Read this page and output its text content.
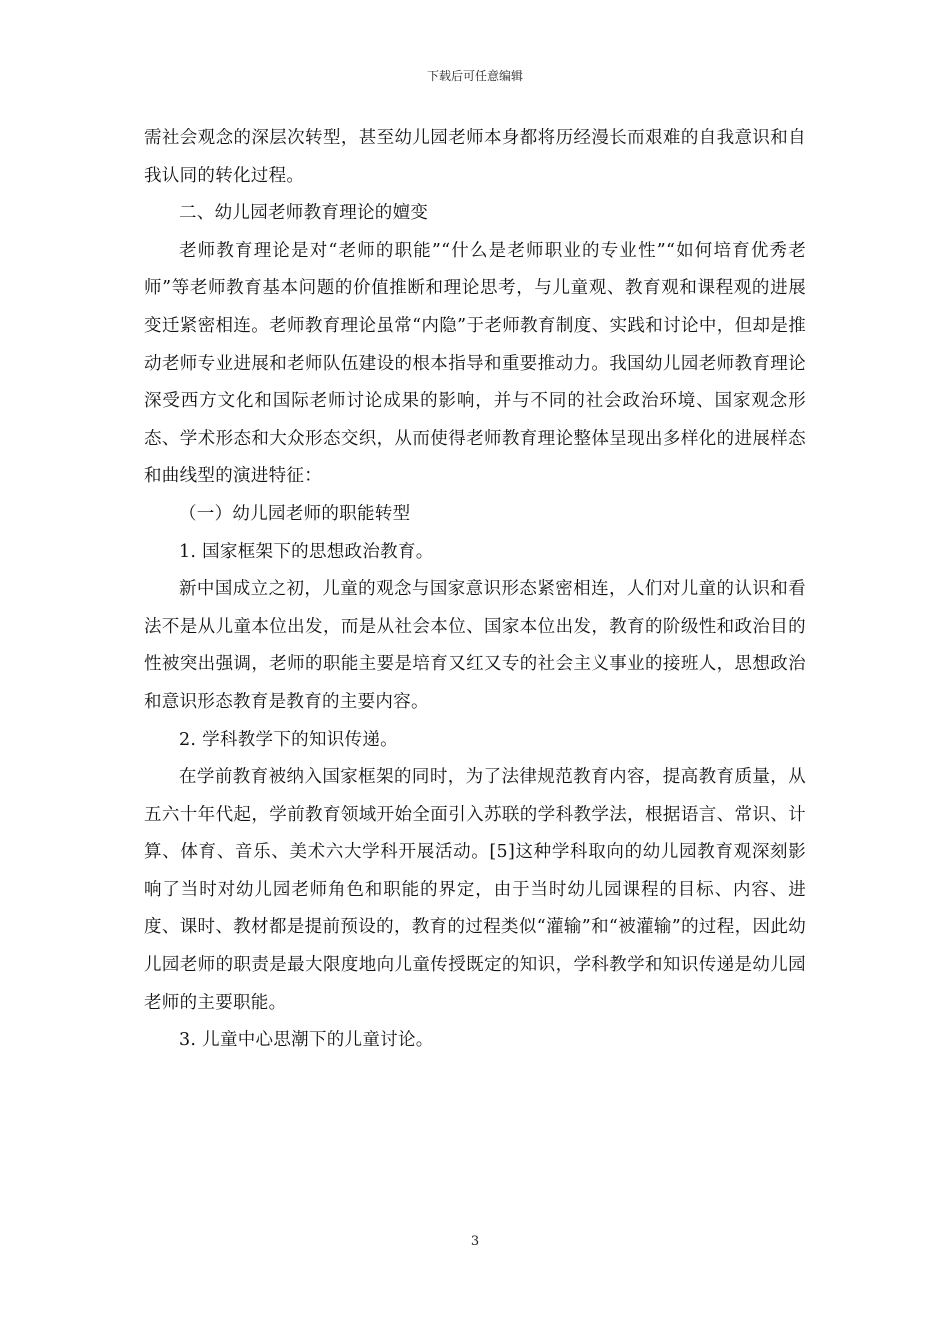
下载后可任意编辑

需社会观念的深层次转型，甚至幼儿园老师本身都将历经漫长而艰难的自我意识和自我认同的转化过程。

二、幼儿园老师教育理论的嬗变

老师教育理论是对“老师的职能”“什么是老师职业的专业性”“如何培育优秀老师”等老师教育基本问题的价值推断和理论思考，与儿童观、教育观和课程观的进展变迁紧密相连。老师教育理论虽常“内隐”于老师教育制度、实践和讨论中，但却是推动老师专业进展和老师队伍建设的根本指导和重要推动力。我国幼儿园老师教育理论深受西方文化和国际老师讨论成果的影响，并与不同的社会政治环境、国家观念形态、学术形态和大众形态交织，从而使得老师教育理论整体呈现出多样化的进展样态和曲线型的演进特征：

（一）幼儿园老师的职能转型

1. 国家框架下的思想政治教育。

新中国成立之初，儿童的观念与国家意识形态紧密相连，人们对儿童的认识和看法不是从儿童本位出发，而是从社会本位、国家本位出发，教育的阶级性和政治目的性被突出强调，老师的职能主要是培育又红又专的社会主义事业的接班人，思想政治和意识形态教育是教育的主要内容。

2. 学科教学下的知识传递。

在学前教育被纳入国家框架的同时，为了法律规范教育内容，提高教育质量，从五六十年代起，学前教育领域开始全面引入苏联的学科教学法，根据语言、常识、计算、体育、音乐、美术六大学科开展活动。[5]这种学科取向的幼儿园教育观深刻影响了当时对幼儿园老师角色和职能的界定，由于当时幼儿园课程的目标、内容、进度、课时、教材都是提前预设的，教育的过程类似“灌输”和“被灌输”的过程，因此幼儿园老师的职责是最大限度地向儿童传授既定的知识，学科教学和知识传递是幼儿园老师的主要职能。

3. 儿童中心思潮下的儿童讨论。

3
